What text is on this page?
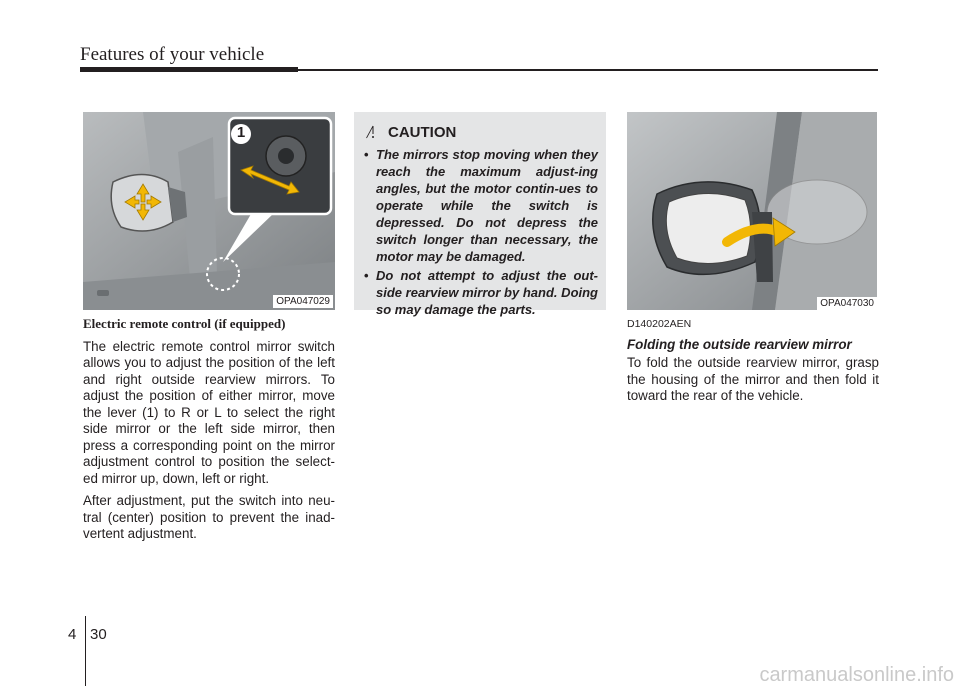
Features of your vehicle
1
OPA047029
CAUTION
• The mirrors stop moving when they reach the maximum adjust-ing angles, but the motor contin-ues to operate while the switch is depressed. Do not depress the switch longer than necessary, the motor may be damaged.
• Do not attempt to adjust the out-side rearview mirror by hand. Doing so may damage the parts.	OPA047030

Electric remote control (if equipped)

The electric remote control mirror switch allows you to adjust the position of the left and right outside rearview mirrors. To adjust the position of either mirror, move the lever (1) to R or L to select the right side mirror or the left side mirror, then press a corresponding point on the mirror adjustment control to position the select-ed mirror up, down, left or right.

After adjustment, put the switch into neu-tral (center) position to prevent the inad-vertent adjustment.

D140202AEN

Folding the outside rearview mirror

To fold the outside rearview mirror, grasp the housing of the mirror and then fold it toward the rear of the vehicle.

4 30
carmanualsonline.info
